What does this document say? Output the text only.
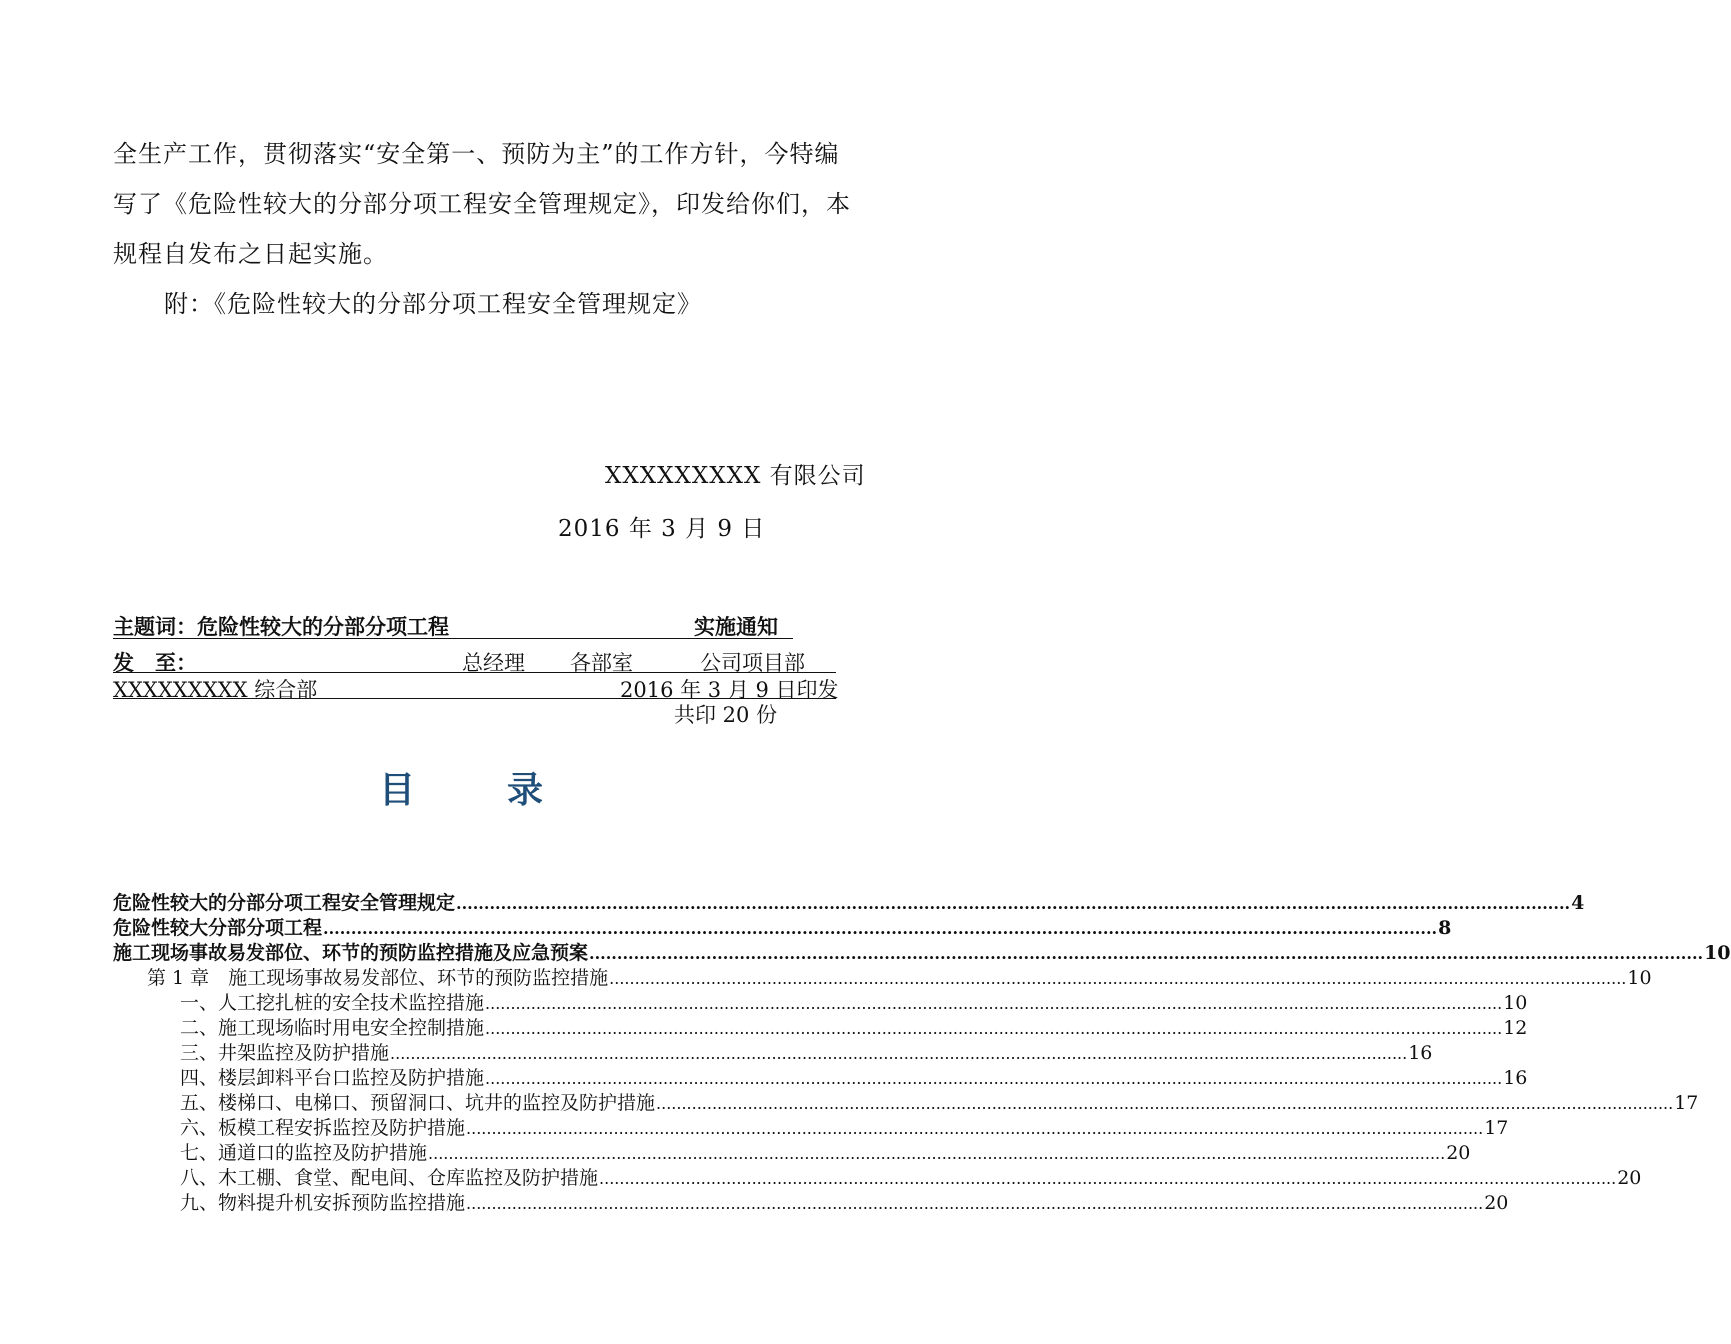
全生产工作，贯彻落实“安全第一、预防为主”的工作方针，今特编
写了《危险性较大的分部分项工程安全管理规定》，印发给你们，本
规程自发布之日起实施。
附：《危险性较大的分部分项工程安全管理规定》
XXXXXXXXX 有限公司
2016 年 3 月 9 日
主题词：危险性较大的分部分项工程	实施通知
发　至：	总经理 各部室	公司项目部
XXXXXXXXX 综合部	2016 年 3 月 9 日印发
共印 20 份
目　录
危险性较大的分部分项工程安全管理规定 ........................................................................................................................................................................................................ 4
危险性较大分部分项工程 ........................................................................................................................................................................................................ 8
施工现场事故易发部位、环节的预防监控措施及应急预案 ........................................................................................................................................................................................................ 10
第 1 章　施工现场事故易发部位、环节的预防监控措施 ........................................................................................................................................................................................................ 10
一、人工挖扎桩的安全技术监控措施 ........................................................................................................................................................................................................ 10
二、施工现场临时用电安全控制措施 ........................................................................................................................................................................................................ 12
三、井架监控及防护措施 ........................................................................................................................................................................................................ 16
四、楼层卸料平台口监控及防护措施 ........................................................................................................................................................................................................ 16
五、楼梯口、电梯口、预留洞口、坑井的监控及防护措施 ........................................................................................................................................................................................................ 17
六、板模工程安拆监控及防护措施 ........................................................................................................................................................................................................ 17
七、通道口的监控及防护措施 ........................................................................................................................................................................................................ 20
八、木工棚、食堂、配电间、仓库监控及防护措施 ........................................................................................................................................................................................................ 20
九、物料提升机安拆预防监控措施 ........................................................................................................................................................................................................ 20
